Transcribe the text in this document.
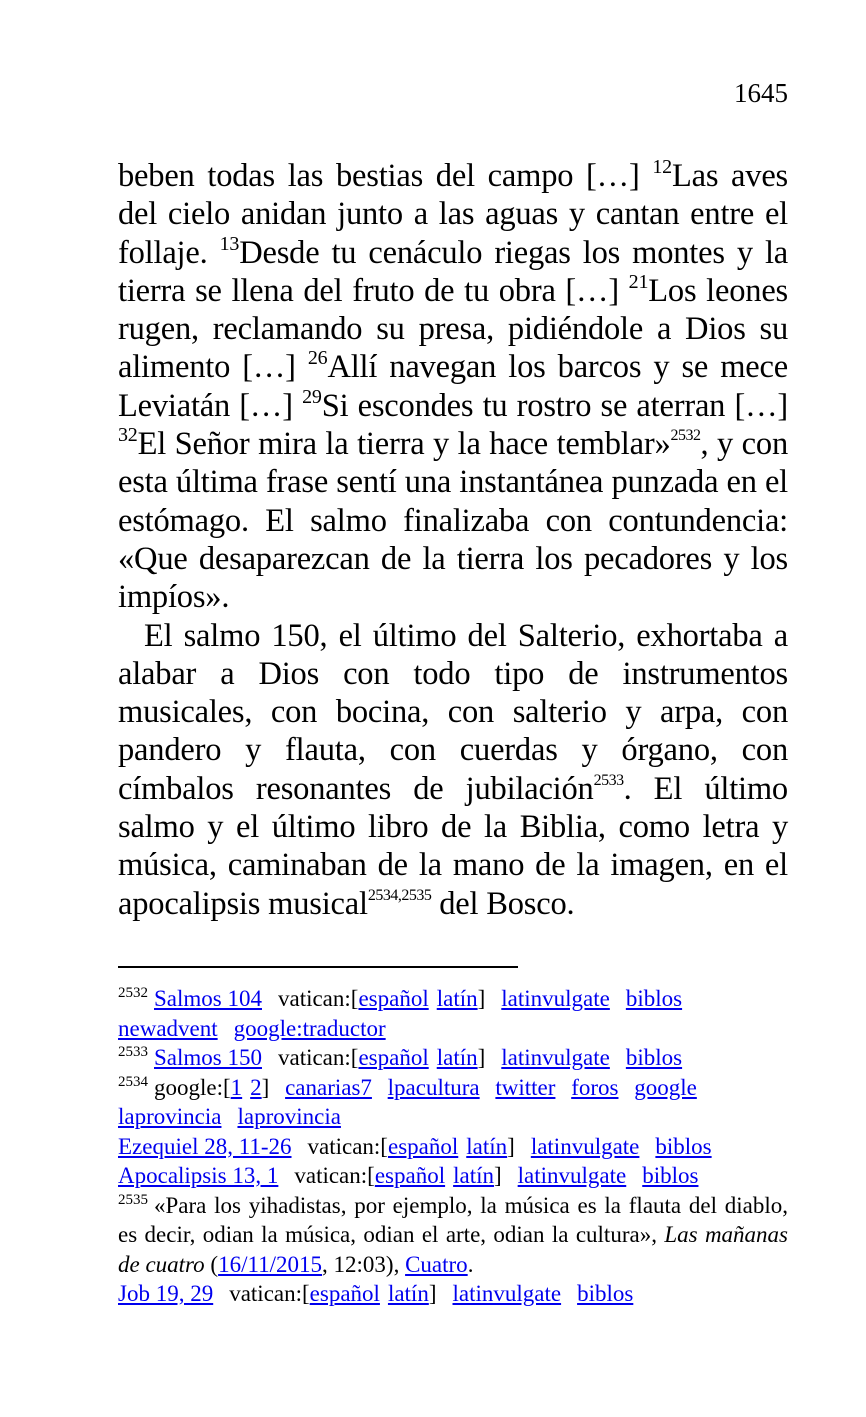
1645

beben todas las bestias del campo […] $^{12}$Las aves del cielo anidan junto a las aguas y cantan entre el follaje. $^{13}$Desde tu cenáculo riegas los montes y la tierra se llena del fruto de tu obra […] $^{21}$Los leones rugen, reclamando su presa, pidiéndole a Dios su alimento […] $^{26}$Allí navegan los barcos y se mece Leviatán […] $^{29}$Si escondes tu rostro se aterran […] $^{32}$El Señor mira la tierra y la hace temblar»$^{2532}$, y con esta última frase sentí una instantánea punzada en el estómago. El salmo finalizaba con contundencia: «Que desaparezcan de la tierra los pecadores y los impíos».

El salmo 150, el último del Salterio, exhortaba a alabar a Dios con todo tipo de instrumentos musicales, con bocina, con salterio y arpa, con pandero y flauta, con cuerdas y órgano, con címbalos resonantes de jubilación$^{2533}$. El último salmo y el último libro de la Biblia, como letra y música, caminaban de la mano de la imagen, en el apocalipsis musical$^{2534,2535}$ del Bosco.

$^{2532}$ Salmos 104 vatican:[español latín] latinvulgate biblos
newadvent google:traductor

$^{2533}$ Salmos 150 vatican:[español latín] latinvulgate biblos

$^{2534}$ google:[1 2] canarias7 lpacultura twitter foros google
laprovincia laprovincia
Ezequiel 28, 11-26 vatican:[español latín] latinvulgate biblos
Apocalipsis 13, 1 vatican:[español latín] latinvulgate biblos

$^{2535}$ «Para los yihadistas, por ejemplo, la música es la flauta del diablo, es decir, odian la música, odian el arte, odian la cultura», Las mañanas de cuatro (16/11/2015, 12:03), Cuatro.
Job 19, 29 vatican:[español latín] latinvulgate biblos
